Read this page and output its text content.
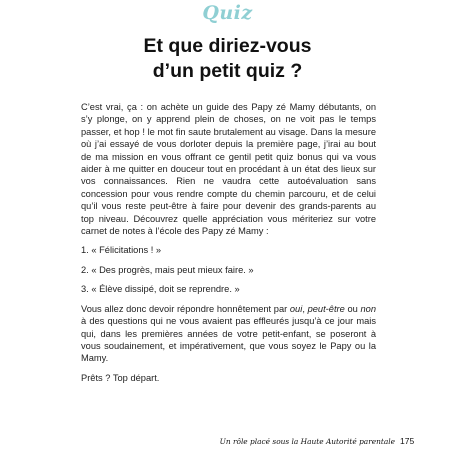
Quiz
Et que diriez-vous
d’un petit quiz ?

C’est vrai, ça : on achète un guide des Papy zé Mamy débutants, on s’y plonge, on y apprend plein de choses, on ne voit pas le temps passer, et hop ! le mot fin saute brutalement au visage. Dans la mesure où j’ai essayé de vous dorloter depuis la première page, j’irai au bout de ma mission en vous offrant ce gentil petit quiz bonus qui va vous aider à me quitter en douceur tout en procédant à un état des lieux sur vos connaissances. Rien ne vaudra cette autoévaluation sans concession pour vous rendre compte du chemin parcouru, et de celui qu’il vous reste peut-être à faire pour devenir des grands-parents au top niveau. Découvrez quelle appréciation vous mériteriez sur votre carnet de notes à l’école des Papy zé Mamy :

1. « Félicitations ! »

2. « Des progrès, mais peut mieux faire. »

3. « Élève dissipé, doit se reprendre. »

Vous allez donc devoir répondre honnêtement par oui, peut-être ou non à des questions qui ne vous avaient pas effleurés jusqu’à ce jour mais qui, dans les premières années de votre petit-enfant, se poseront à vous soudainement, et impérativement, que vous soyez le Papy ou la Mamy.

Prêts ? Top départ.

Un rôle placé sous la Haute Autorité parentale 175
